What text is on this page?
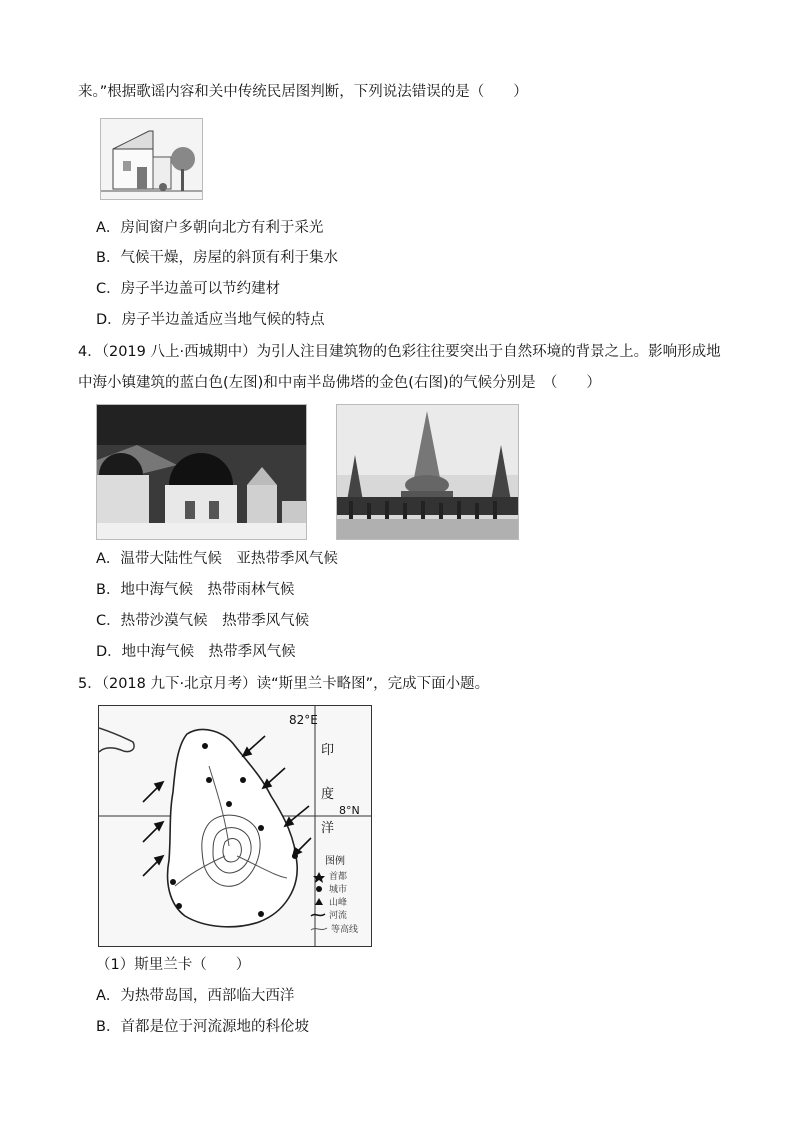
来。”根据歌谣内容和关中传统民居图判断，下列说法错误的是（　　）
A．房间窗户多朝向北方有利于采光
B．气候干燥，房屋的斜顶有利于集水
C．房子半边盖可以节约建材
D．房子半边盖适应当地气候的特点
4．（2019 八上·西城期中）为引人注目建筑物的色彩往往要突出于自然环境的背景之上。影响形成地
中海小镇建筑的蓝白色(左图)和中南半岛佛塔的金色(右图)的气候分别是　（　　）
A．温带大陆性气候　亚热带季风气候
B．地中海气候　热带雨林气候
C．热带沙漠气候　热带季风气候
D．地中海气候　热带季风气候
5．（2018 九下·北京月考）读“斯里兰卡略图”，完成下面小题。
82°E
8°N
印
度
洋
图例
首都
城市
山峰
河流
等高线
（1）斯里兰卡（　　）
A．为热带岛国，西部临大西洋
B．首都是位于河流源地的科伦坡
